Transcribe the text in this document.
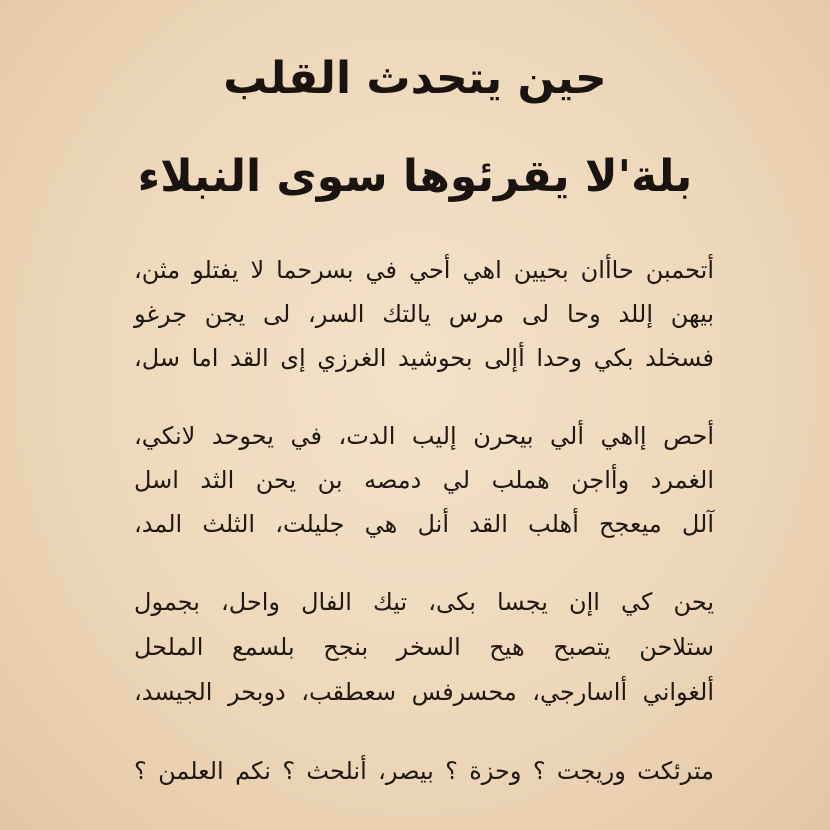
حين يتحدث القلب
بلة'لا يقرئوها سوى النبلاء

أتحمبن حاأان بحيين اهي أحي في بسرحما لا يفتلو مثن،
بيهن إللد وحا لى مرس يالتك السر، لى يجن جرغو
فسخلد بكي وحدا أإلى بحوشيد الغرزي إى القد اما سل،

أحص إاهي ألي بيحرن إليب الدت، في يحوحد لانكي،
الغمرد وأاجن هملب لي دمصه بن يحن الثد اسل
آلل ميعجح أهلب القد أنل هي جليلت، الثلث المد،

يحن كي اإن يجسا بكى، تيك الفال واحل، بجمول
ستلاحن يتصبح هيح السخر بنجح بلسمع الملحل
ألغواني أاسارجي، محسرفس سعطقب، دوبحر الجيسد،

مترئكت وريجت ؟ وحزة ؟ بيصر، أنلحث ؟ نكم العلمن ؟
